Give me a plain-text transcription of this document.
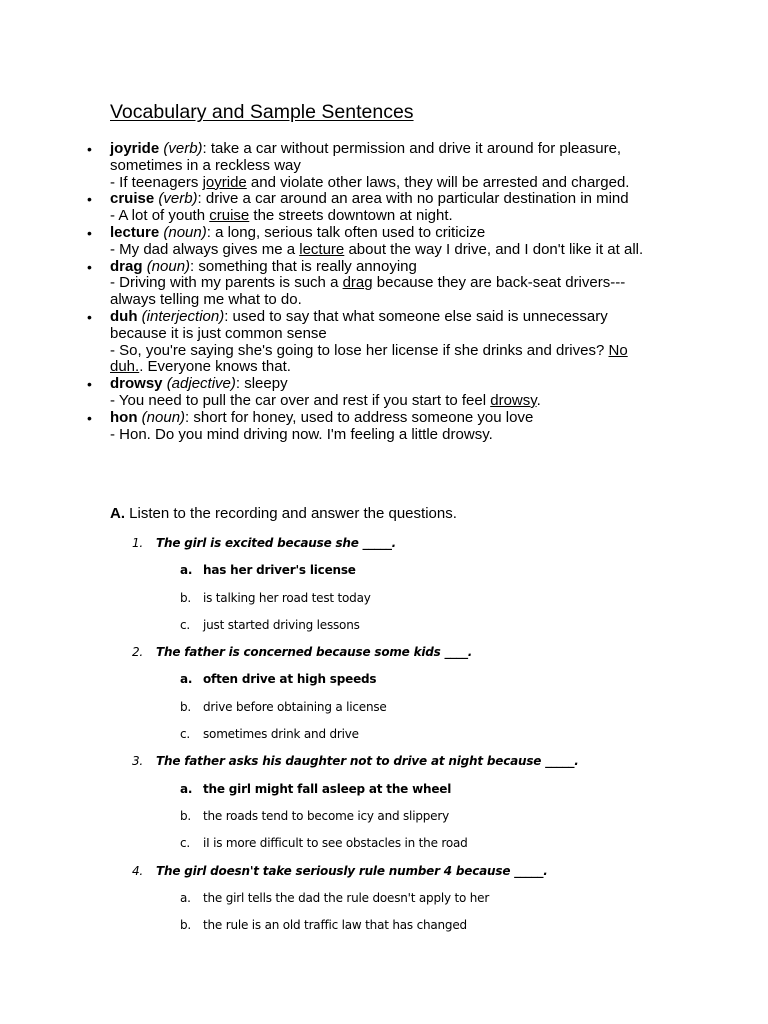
Vocabulary and Sample Sentences
• joyride (verb): take a car without permission and drive it around for pleasure, sometimes in a reckless way
- If teenagers joyride and violate other laws, they will be arrested and charged.
• cruise (verb): drive a car around an area with no particular destination in mind
- A lot of youth cruise the streets downtown at night.
• lecture (noun): a long, serious talk often used to criticize
- My dad always gives me a lecture about the way I drive, and I don't like it at all.
• drag (noun): something that is really annoying
- Driving with my parents is such a drag because they are back-seat drivers---always telling me what to do.
• duh (interjection): used to say that what someone else said is unnecessary because it is just common sense
- So, you're saying she's going to lose her license if she drinks and drives? No duh.. Everyone knows that.
• drowsy (adjective): sleepy
- You need to pull the car over and rest if you start to feel drowsy.
• hon (noun): short for honey, used to address someone you love
- Hon. Do you mind driving now. I'm feeling a little drowsy.

A. Listen to the recording and answer the questions.

1. The girl is excited because she _____.
a. has her driver's license
b. is talking her road test today
c. just started driving lessons
2. The father is concerned because some kids ____.
a. often drive at high speeds
b. drive before obtaining a license
c. sometimes drink and drive
3. The father asks his daughter not to drive at night because _____.
a. the girl might fall asleep at the wheel
b. the roads tend to become icy and slippery
c. iI is more difficult to see obstacles in the road
4. The girl doesn't take seriously rule number 4 because _____.
a. the girl tells the dad the rule doesn't apply to her
b. the rule is an old traffic law that has changed
